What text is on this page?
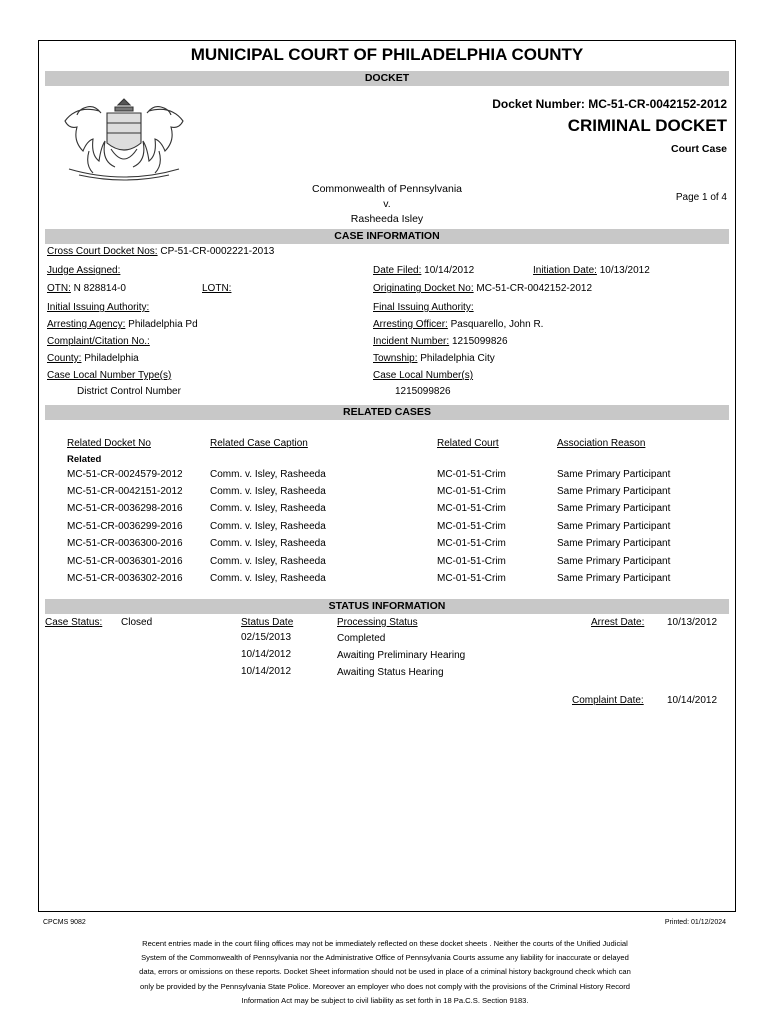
MUNICIPAL COURT OF PHILADELPHIA COUNTY
DOCKET
Docket Number: MC-51-CR-0042152-2012
CRIMINAL DOCKET
Court Case
Commonwealth of Pennsylvania
v.
Rasheeda Isley
Page 1 of 4
CASE INFORMATION
Cross Court Docket Nos: CP-51-CR-0002221-2013
Judge Assigned:	Date Filed: 10/14/2012	Initiation Date: 10/13/2012
OTN: N 828814-0	LOTN:	Originating Docket No: MC-51-CR-0042152-2012
Initial Issuing Authority:	Final Issuing Authority:
Arresting Agency: Philadelphia Pd	Arresting Officer: Pasquarello, John R.
Complaint/Citation No.:	Incident Number: 1215099826
County: Philadelphia	Township: Philadelphia City
Case Local Number Type(s)	Case Local Number(s)
District Control Number	1215099826
RELATED CASES
Related Docket No	Related Case Caption	Related Court	Association Reason
Related
MC-51-CR-0024579-2012	Comm. v. Isley, Rasheeda	MC-01-51-Crim	Same Primary Participant
MC-51-CR-0042151-2012	Comm. v. Isley, Rasheeda	MC-01-51-Crim	Same Primary Participant
MC-51-CR-0036298-2016	Comm. v. Isley, Rasheeda	MC-01-51-Crim	Same Primary Participant
MC-51-CR-0036299-2016	Comm. v. Isley, Rasheeda	MC-01-51-Crim	Same Primary Participant
MC-51-CR-0036300-2016	Comm. v. Isley, Rasheeda	MC-01-51-Crim	Same Primary Participant
MC-51-CR-0036301-2016	Comm. v. Isley, Rasheeda	MC-01-51-Crim	Same Primary Participant
MC-51-CR-0036302-2016	Comm. v. Isley, Rasheeda	MC-01-51-Crim	Same Primary Participant
STATUS INFORMATION
Case Status: Closed	Status Date	Processing Status	Arrest Date: 10/13/2012
02/15/2013	Completed
10/14/2012	Awaiting Preliminary Hearing
10/14/2012	Awaiting Status Hearing
Complaint Date: 10/14/2012
CPCMS 9082	Printed: 01/12/2024
Recent entries made in the court filing offices may not be immediately reflected on these docket sheets . Neither the courts of the Unified Judicial
System of the Commonwealth of Pennsylvania nor the Administrative Office of Pennsylvania Courts assume any liability for inaccurate or delayed
data, errors or omissions on these reports. Docket Sheet information should not be used in place of a criminal history background check which can
only be provided by the Pennsylvania State Police. Moreover an employer who does not comply with the provisions of the Criminal History Record
Information Act may be subject to civil liability as set forth in 18 Pa.C.S. Section 9183.
